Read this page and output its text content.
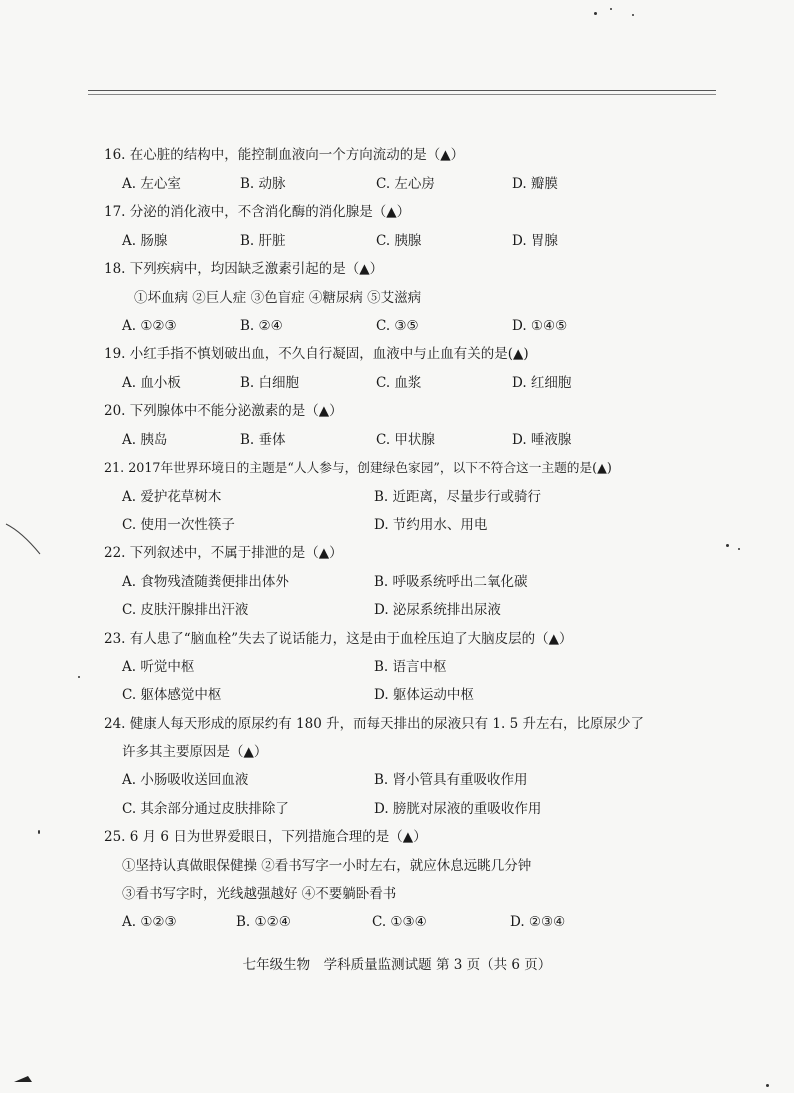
16. 在心脏的结构中，能控制血液向一个方向流动的是（▲）
A. 左心室	B. 动脉	C. 左心房	D. 瓣膜
17. 分泌的消化液中，不含消化酶的消化腺是（▲）
A. 肠腺	B. 肝脏	C. 胰腺	D. 胃腺
18. 下列疾病中，均因缺乏激素引起的是（▲）
①坏血病 ②巨人症 ③色盲症 ④糖尿病 ⑤艾滋病
A. ①②③	B. ②④	C. ③⑤	D. ①④⑤
19. 小红手指不慎划破出血，不久自行凝固，血液中与止血有关的是(▲)
A. 血小板	B. 白细胞	C. 血浆	D. 红细胞
20. 下列腺体中不能分泌激素的是（▲）
A. 胰岛	B. 垂体	C. 甲状腺	D. 唾液腺
21. 2017年世界环境日的主题是“人人参与，创建绿色家园”，以下不符合这一主题的是(▲)
A. 爱护花草树木	B. 近距离，尽量步行或骑行
C. 使用一次性筷子	D. 节约用水、用电
22. 下列叙述中，不属于排泄的是（▲）
A. 食物残渣随粪便排出体外	B. 呼吸系统呼出二氧化碳
C. 皮肤汗腺排出汗液	D. 泌尿系统排出尿液
23. 有人患了“脑血栓”失去了说话能力，这是由于血栓压迫了大脑皮层的（▲）
A. 听觉中枢	B. 语言中枢
C. 躯体感觉中枢	D. 躯体运动中枢
24. 健康人每天形成的原尿约有 180 升，而每天排出的尿液只有 1. 5 升左右，比原尿少了
许多其主要原因是（▲）
A. 小肠吸收送回血液	B. 肾小管具有重吸收作用
C. 其余部分通过皮肤排除了	D. 膀胱对尿液的重吸收作用
25. 6 月 6 日为世界爱眼日，下列措施合理的是（▲）
①坚持认真做眼保健操 ②看书写字一小时左右，就应休息远眺几分钟
③看书写字时，光线越强越好 ④不要躺卧看书
A. ①②③	B. ①②④	C. ①③④	D. ②③④
七年级生物　学科质量监测试题 第 3 页（共 6 页）
